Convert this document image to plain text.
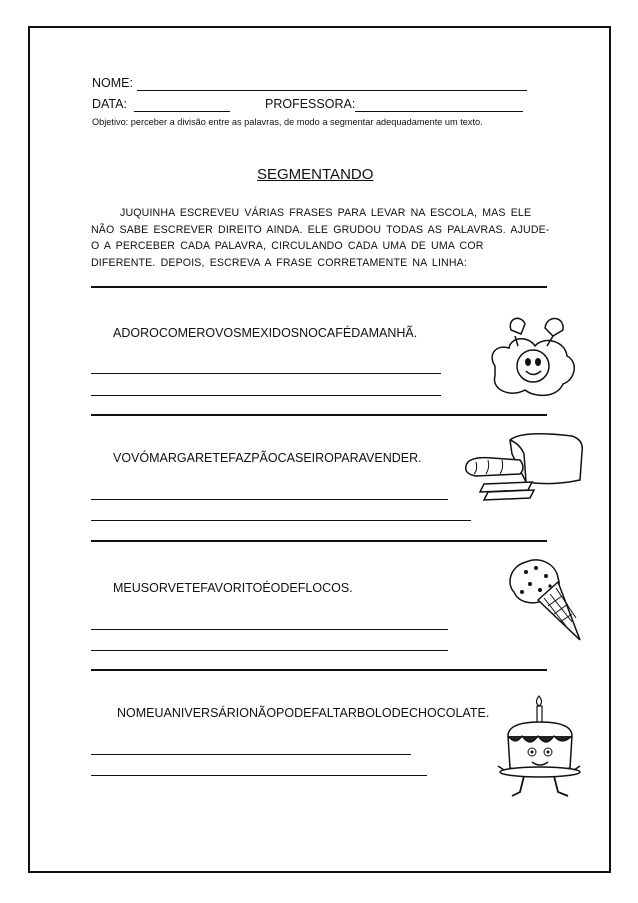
NOME:
DATA:	PROFESSORA:
Objetivo: perceber a divisão entre as palavras, de modo a segmentar adequadamente um texto.
SEGMENTANDO
JUQUINHA ESCREVEU VÁRIAS FRASES PARA LEVAR NA ESCOLA, MAS ELE
NÃO SABE ESCREVER DIREITO AINDA. ELE GRUDOU TODAS AS PALAVRAS. AJUDE-
O A PERCEBER CADA PALAVRA, CIRCULANDO CADA UMA DE UMA COR
DIFERENTE. DEPOIS, ESCREVA A FRASE CORRETAMENTE NA LINHA:
ADOROCOMEROVOSMEXIDOSNOCAFÉDAMANHÃ.
VOVÓMARGARETEFAZPÃOCASEIROPARAVENDER.
MEUSORVETEFAVORITOÉODEFLOCOS.
NOMEUANIVERSÁRIONÃOPODEFALTARBOLODECHOCOLATE.
